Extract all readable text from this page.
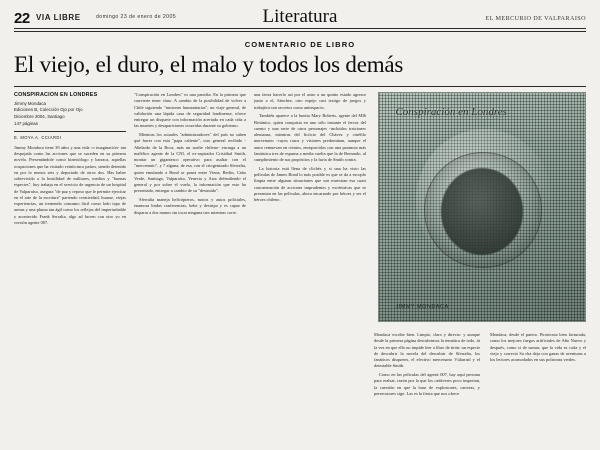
22 VIA LIBRE	domingo 23 de enero de 2005	Literatura	EL MERCURIO DE VALPARAISO
COMENTARIO DE LIBRO
El viejo, el duro, el malo y todos los demás
CONSPIRACION EN LONDRES
Jimmy Mondaca
Ediciones B, Colección Ojo por Ojo
Diciembre 2004, Santiago
147 páginas
E. MOYA A. CCIARDI

Jimmy Mondaca tiene 39 años y una vida -o imaginación- tan despojada como las acciones que se suceden en su primera novela. Presentándole como kinesiólogo y barraca, aquellas ocupaciones que ha visitado veinticinco países, siendo detenido en por lo menos seis y deportado de otros dos. Has haber sobrevivido a la hostilidad de militares, medios y "buenas especies", hoy trabaja en el servicio de urgencia de un hospital de Valparaíso, asegura "de paz y reposo que le permite ejercitar en el arte de la escritura" pariendo creatividad, huaraz, viejas experiencias, un tremendo consumo fácil como lodo tapo de armas y una pluma tan ágil como los reflejos del imperturbable y acontecido Frank Serralta, algo ad lucem con otro yo en versión agente 007.

"Conspiración en Londres" es una parodia. En la primera que convierte tener claro. A cambio de la posibilidad de volver a Chile siguiendo "misiones humanitarias", un viaje general, de validación una lápida casa de seguridad londinense, ofrece entregar un disquete con información acertada en cada cida a las muertes y desapariciones ocurridas durante su gobierno.

Mientras los actuales "administradores" del país no saben qué hacer con esta "papa caliente", otro general recibido -Abelardo de la Roca, más un suelte chileno- encarga a un maléfico agente de la CNI, el ex-aspirador Cristóbal Smith, montar un gigantesco operativo para asaltar con el "mercenario", y 7 alguna, de esa, con el criogenizado Sferralta, quien emulando a Bond se pasea entre Viena, Berlín, Cabo Verde, Santiago, Valparaíso, Venecia y Asia defendiendo el general y por sobre el vuelo, la información que esto ha presentado, entregar a cambio de su "destruido".

Sferralta maneja helicópteros, motos y autos policiales, enamora lindas conferencias, bebe y destripa y es capaz de disparar a dos manos sin tocar ninguna tres mientras corre.

una tierra hacerlo así por el astro a un quinto estado agresor junto a el, Sánchez, otro espejo casi testigo de juegos y trabajitos tan secretos como antiespacio.

También aparece a la bonita Mary Roberts, agente del MI6 Británico, quien conquista en uno sólo instante el fervor del cuento y una serie de otros personajes -incluidos traiciones alemanas, mientras del ficticio del Chávez y cinéfilo mercenario -cuyos rasos y visiones predominan, aunque el autor remuevan en cientos, enriquecidos con una paranoia más fantástica tres de espuma a media vuelta que la de Bernardo, al cumplimiento de sus propósitos y la furia de Smith contra.

La historia está llena de clichés y si una ha visto las películas de James Bond lo más posible es que se da a escoplo limpia entre algunas situaciones que son muestran esa cuasi concatenación de acciones imprudentes y excéntricas que se presentan en las películas, ahora encarnado por héroes y ser el héroes chileno.

Conspiración en Londres
JIMMY MONDACA

Mondaca escribe bien. Limpio, claro y directo: y aunque desde la primera página descubrimos la temática de todo, tú la vez en que ello no impide leer a libro de tirón: un especie de descubrir la novela del descubrir de Sferralta, los fanáticos disquetes, el efectivo mercenario Vülarrasl y el detestable Smith.

Como en las películas del agente 007, hay aquí persona para realzar, razón por la que los cadáveres poco importan, la cuestión en que la base de explosiones, carreras, y persecutores sigo. Las es la fiesta que nos ofrece

Mondaca, desde el puerto. Pirotecnia bien facturada, como los mejores fuegos artificiales de Año Nuevo y después, como si de sumar, que la vida es coda y el viejo y correcto Sa cha deja con ganas de aventuras a los lectores acomodados en sus poltronas verdes.
